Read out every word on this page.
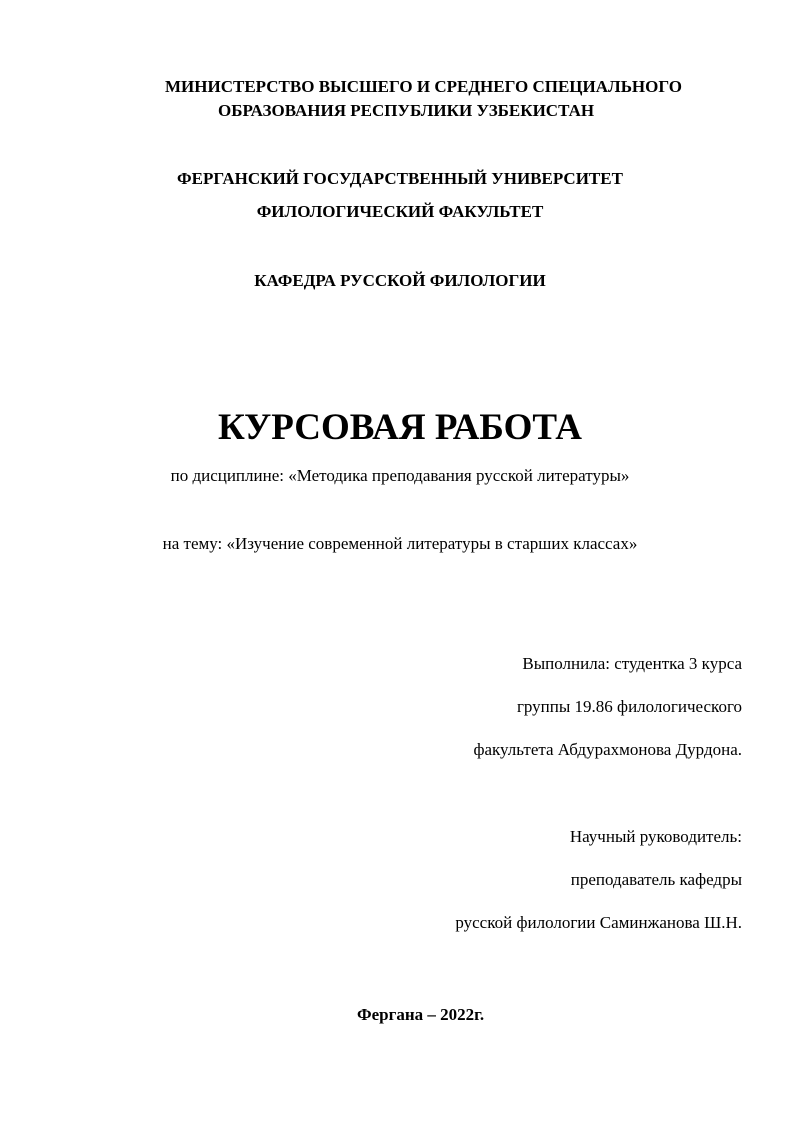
МИНИСТЕРСТВО ВЫСШЕГО И СРЕДНЕГО СПЕЦИАЛЬНОГО
ОБРАЗОВАНИЯ РЕСПУБЛИКИ УЗБЕКИСТАН
ФЕРГАНСКИЙ ГОСУДАРСТВЕННЫЙ УНИВЕРСИТЕТ
ФИЛОЛОГИЧЕСКИЙ ФАКУЛЬТЕТ
КАФЕДРА РУССКОЙ ФИЛОЛОГИИ
КУРСОВАЯ РАБОТА
по дисциплине: «Методика преподавания русской литературы»
на тему: «Изучение современной литературы в старших классах»
Выполнила: студентка 3 курса
группы 19.86 филологического
факультета Абдурахмонова Дурдона.
Научный руководитель:
преподаватель кафедры
русской филологии Саминжанова Ш.Н.
Фергана – 2022г.
